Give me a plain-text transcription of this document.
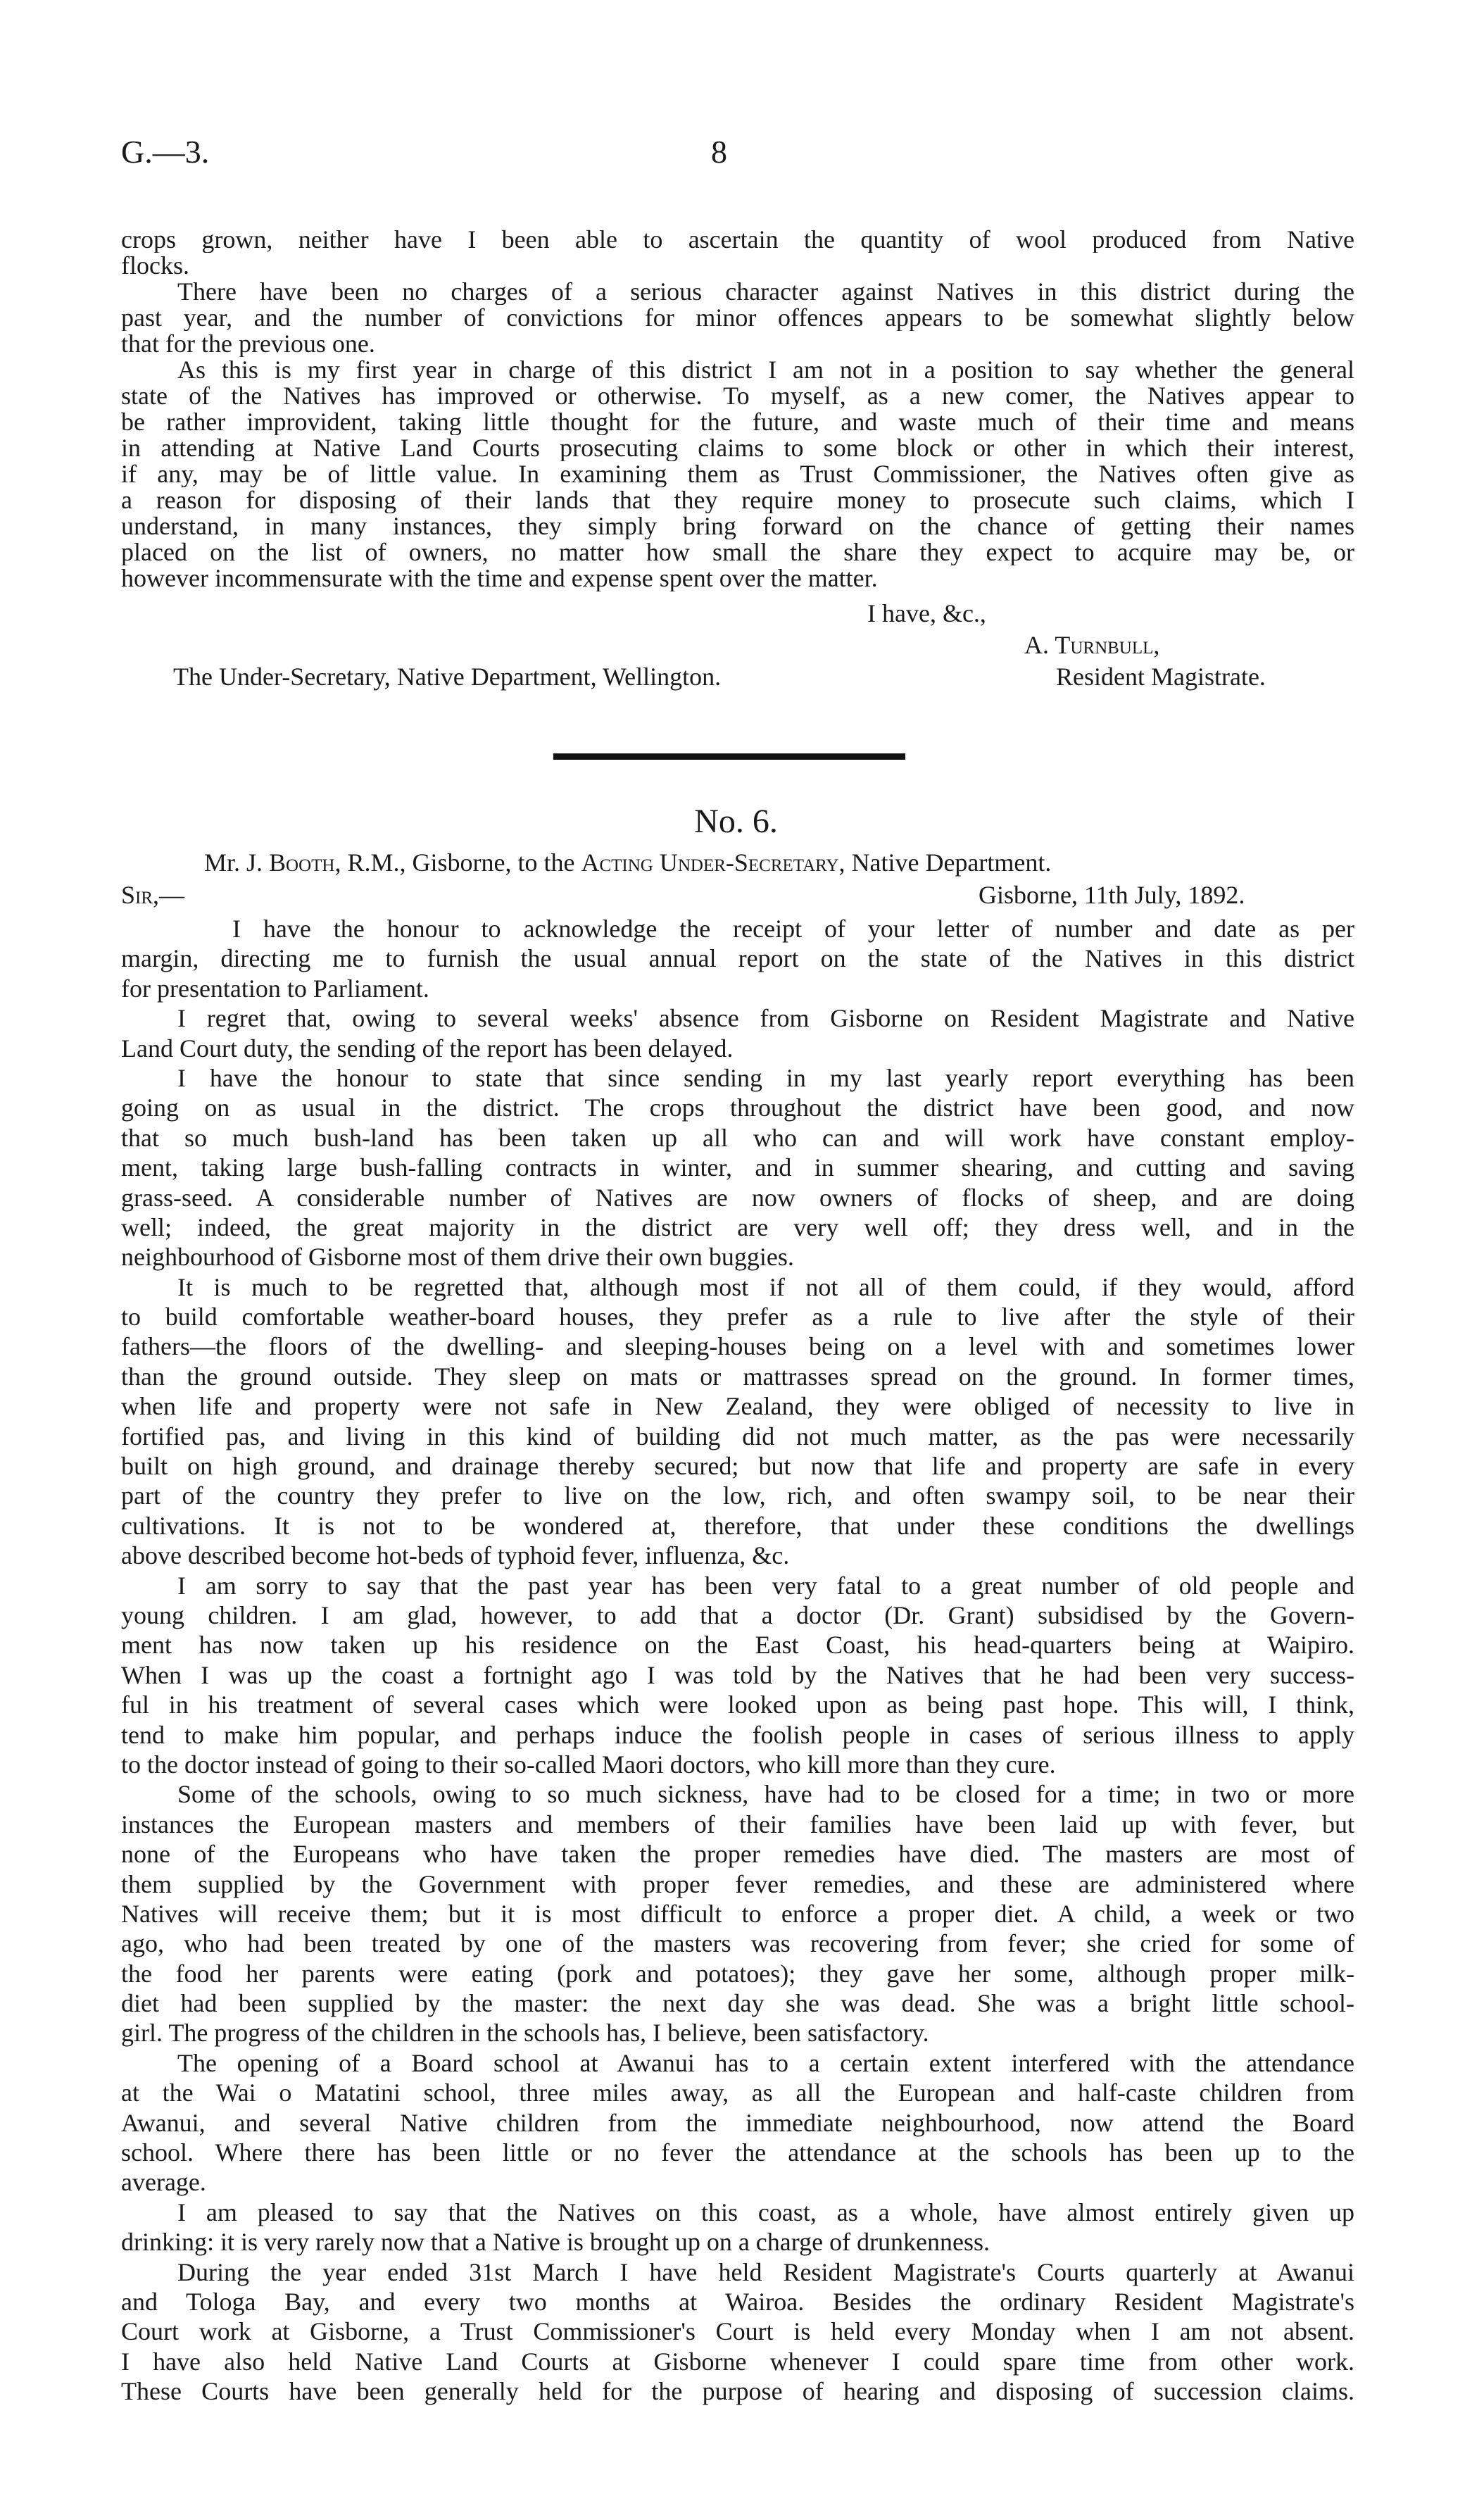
G.—3.	8
crops grown, neither have I been able to ascertain the quantity of wool produced from Native
flocks.
There have been no charges of a serious character against Natives in this district during the
past year, and the number of convictions for minor offences appears to be somewhat slightly below
that for the previous one.
As this is my first year in charge of this district I am not in a position to say whether the general
state of the Natives has improved or otherwise. To myself, as a new comer, the Natives appear to
be rather improvident, taking little thought for the future, and waste much of their time and means
in attending at Native Land Courts prosecuting claims to some block or other in which their interest,
if any, may be of little value. In examining them as Trust Commissioner, the Natives often give as
a reason for disposing of their lands that they require money to prosecute such claims, which I
understand, in many instances, they simply bring forward on the chance of getting their names
placed on the list of owners, no matter how small the share they expect to acquire may be, or
however incommensurate with the time and expense spent over the matter.
I have, &c.,
A. Turnbull,
The Under-Secretary, Native Department, Wellington.	Resident Magistrate.
No. 6.
Mr. J. Booth, R.M., Gisborne, to the Acting Under-Secretary, Native Department.
Sir,—	Gisborne, 11th July, 1892.
I have the honour to acknowledge the receipt of your letter of number and date as per
margin, directing me to furnish the usual annual report on the state of the Natives in this district
for presentation to Parliament.
I regret that, owing to several weeks' absence from Gisborne on Resident Magistrate and Native
Land Court duty, the sending of the report has been delayed.
I have the honour to state that since sending in my last yearly report everything has been
going on as usual in the district. The crops throughout the district have been good, and now
that so much bush-land has been taken up all who can and will work have constant employ-
ment, taking large bush-falling contracts in winter, and in summer shearing, and cutting and saving
grass-seed. A considerable number of Natives are now owners of flocks of sheep, and are doing
well; indeed, the great majority in the district are very well off; they dress well, and in the
neighbourhood of Gisborne most of them drive their own buggies.
It is much to be regretted that, although most if not all of them could, if they would, afford
to build comfortable weather-board houses, they prefer as a rule to live after the style of their
fathers—the floors of the dwelling- and sleeping-houses being on a level with and sometimes lower
than the ground outside. They sleep on mats or mattrasses spread on the ground. In former times,
when life and property were not safe in New Zealand, they were obliged of necessity to live in
fortified pas, and living in this kind of building did not much matter, as the pas were necessarily
built on high ground, and drainage thereby secured; but now that life and property are safe in every
part of the country they prefer to live on the low, rich, and often swampy soil, to be near their
cultivations. It is not to be wondered at, therefore, that under these conditions the dwellings
above described become hot-beds of typhoid fever, influenza, &c.
I am sorry to say that the past year has been very fatal to a great number of old people and
young children. I am glad, however, to add that a doctor (Dr. Grant) subsidised by the Govern-
ment has now taken up his residence on the East Coast, his head-quarters being at Waipiro.
When I was up the coast a fortnight ago I was told by the Natives that he had been very success-
ful in his treatment of several cases which were looked upon as being past hope. This will, I think,
tend to make him popular, and perhaps induce the foolish people in cases of serious illness to apply
to the doctor instead of going to their so-called Maori doctors, who kill more than they cure.
Some of the schools, owing to so much sickness, have had to be closed for a time; in two or more
instances the European masters and members of their families have been laid up with fever, but
none of the Europeans who have taken the proper remedies have died. The masters are most of
them supplied by the Government with proper fever remedies, and these are administered where
Natives will receive them; but it is most difficult to enforce a proper diet. A child, a week or two
ago, who had been treated by one of the masters was recovering from fever; she cried for some of
the food her parents were eating (pork and potatoes); they gave her some, although proper milk-
diet had been supplied by the master: the next day she was dead. She was a bright little school-
girl. The progress of the children in the schools has, I believe, been satisfactory.
The opening of a Board school at Awanui has to a certain extent interfered with the attendance
at the Wai o Matatini school, three miles away, as all the European and half-caste children from
Awanui, and several Native children from the immediate neighbourhood, now attend the Board
school. Where there has been little or no fever the attendance at the schools has been up to the
average.
I am pleased to say that the Natives on this coast, as a whole, have almost entirely given up
drinking: it is very rarely now that a Native is brought up on a charge of drunkenness.
During the year ended 31st March I have held Resident Magistrate's Courts quarterly at Awanui
and Tologa Bay, and every two months at Wairoa. Besides the ordinary Resident Magistrate's
Court work at Gisborne, a Trust Commissioner's Court is held every Monday when I am not absent.
I have also held Native Land Courts at Gisborne whenever I could spare time from other work.
These Courts have been generally held for the purpose of hearing and disposing of succession claims.
